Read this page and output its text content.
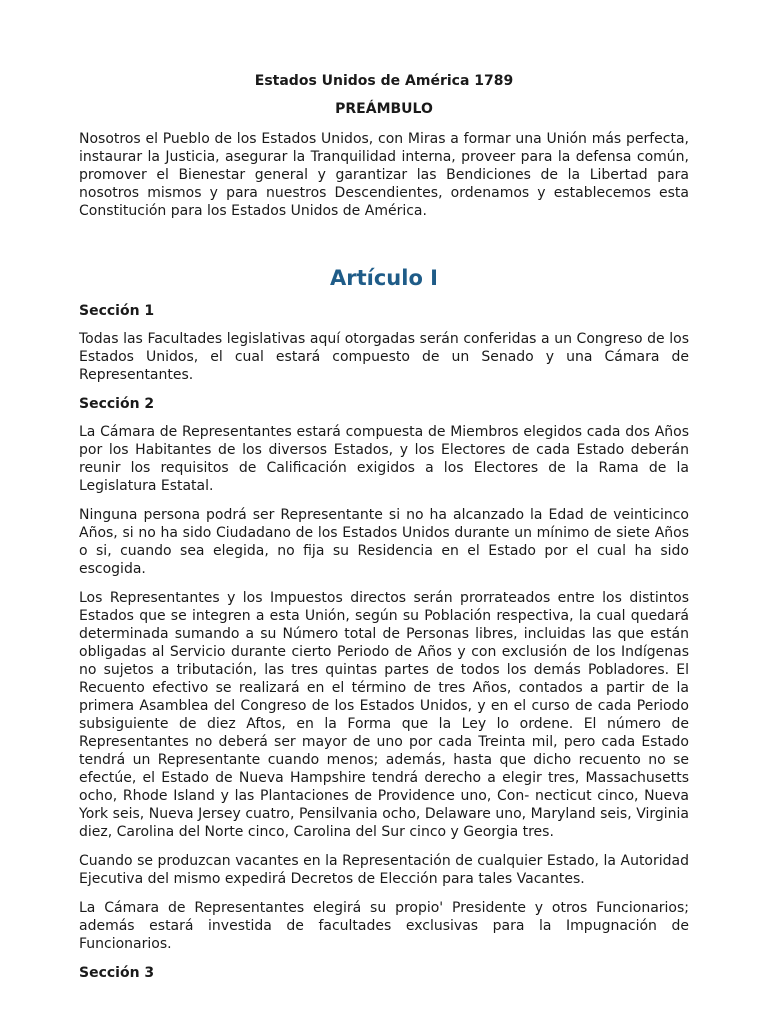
Estados Unidos de América 1789
PREÁMBULO

Nosotros el Pueblo de los Estados Unidos, con Miras a formar una Unión más perfecta, instaurar la Justicia, asegurar la Tranquilidad interna, proveer para la defensa común, promover el Bienestar general y garantizar las Bendiciones de la Libertad para nosotros mismos y para nuestros Descendientes, ordenamos y establecemos esta Constitución para los Estados Unidos de América.

Artículo I
Sección 1

Todas las Facultades legislativas aquí otorgadas serán conferidas a un Congreso de los Estados Unidos, el cual estará compuesto de un Senado y una Cámara de Representantes.

Sección 2

La Cámara de Representantes estará compuesta de Miembros elegidos cada dos Años por los Habitantes de los diversos Estados, y los Electores de cada Estado deberán reunir los requisitos de Calificación exigidos a los Electores de la Rama de la Legislatura Estatal.

Ninguna persona podrá ser Representante si no ha alcanzado la Edad de veinticinco Años, si no ha sido Ciudadano de los Estados Unidos durante un mínimo de siete Años o si, cuando sea elegida, no fija su Residencia en el Estado por el cual ha sido escogida.

Los Representantes y los Impuestos directos serán prorrateados entre los distintos Estados que se integren a esta Unión, según su Población respectiva, la cual quedará determinada sumando a su Número total de Personas libres, incluidas las que están obligadas al Servicio durante cierto Periodo de Años y con exclusión de los Indígenas no sujetos a tributación, las tres quintas partes de todos los demás Pobladores. El Recuento efectivo se realizará en el término de tres Años, contados a partir de la primera Asamblea del Congreso de los Estados Unidos, y en el curso de cada Periodo subsiguiente de diez Aftos, en la Forma que la Ley lo ordene. El número de Representantes no deberá ser mayor de uno por cada Treinta mil, pero cada Estado tendrá un Representante cuando menos; además, hasta que dicho recuento no se efectúe, el Estado de Nueva Hampshire tendrá derecho a elegir tres, Massachusetts ocho, Rhode Island y las Plantaciones de Providence uno, Con- necticut cinco, Nueva York seis, Nueva Jersey cuatro, Pensilvania ocho, Delaware uno, Maryland seis, Virginia diez, Carolina del Norte cinco, Carolina del Sur cinco y Georgia tres.

Cuando se produzcan vacantes en la Representación de cualquier Estado, la Autoridad Ejecutiva del mismo expedirá Decretos de Elección para tales Vacantes.

La Cámara de Representantes elegirá su propio' Presidente y otros Funcionarios; además estará investida de facultades exclusivas para la Impugnación de Funcionarios.

Sección 3
